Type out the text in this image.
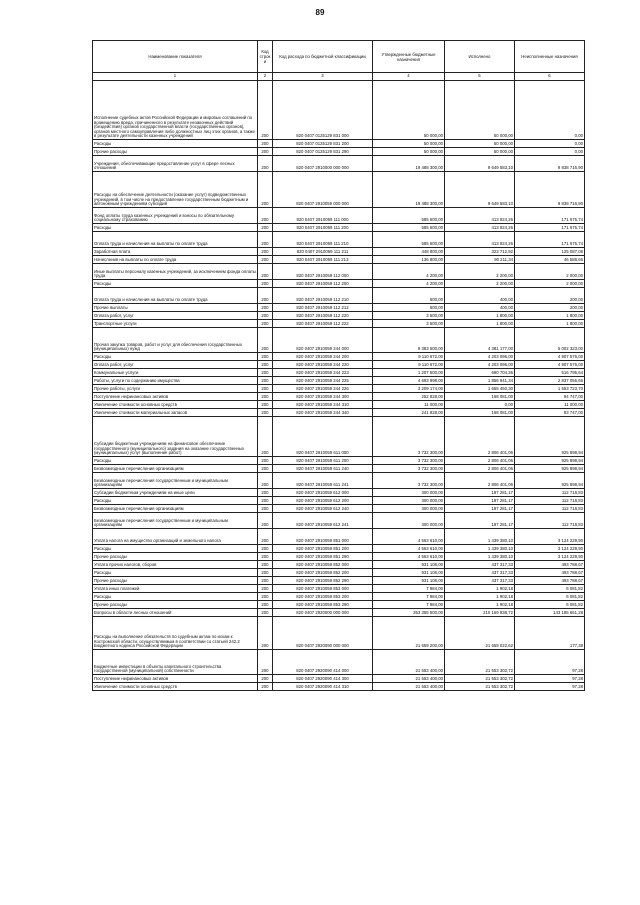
89
Наименование показателя	Код строк и	Код расхода по бюджетной классификации	Утвержденные бюджетные назначения	Исполнено	Неисполненные назначения
1	2	3	4	5	6
Исполнение судебных актов Российской Федерации и мировых соглашений по возмещению вреда, причиненного в результате незаконных действий (бездействия) органов государственной власти (государственных органов), органов местного самоуправления либо должностных лиц этих органов, а также в результате деятельности казенных учреждений	200	820 0407 0125129 831 000	50 000,00	50 000,00	0,00
Расходы	200	820 0407 0125129 831 200	50 000,00	50 000,00	0,00
Прочие расходы	200	820 0407 0125129 831 290	50 000,00	50 000,00	0,00
Учреждения, обеспечивающие предоставление услуг в сфере лесных отношений	200	820 0407 2910000 000 000	19 488 300,00	9 649 583,10	9 838 716,90
Расходы на обеспечение деятельности (оказание услуг) подведомственных учреждений, в том числе на предоставление государственным бюджетным и автономным учреждениям субсидий	200	820 0407 2910059 000 000	19 488 300,00	9 649 583,10	9 838 716,90
Фонд оплаты труда казенных учреждений и взносы по обязательному социальному страхованию	200	820 0407 2910059 111 000	585 600,00	413 924,26	171 675,74
Расходы	200	820 0407 2910059 111 200	585 600,00	413 924,26	171 675,74
Оплата труда и начисления на выплаты по оплате труда	200	820 0407 2910059 111 210	585 600,00	413 924,26	171 675,74
Заработная плата	200	820 0407 2910059 111 211	448 800,00	323 712,92	125 087,08
Начисления на выплаты по оплате труда	200	820 0407 2910059 111 213	136 800,00	90 211,34	46 588,66
Иные выплаты персоналу казенных учреждений, за исключением фонда оплаты труда	200	820 0407 2910059 112 000	4 200,00	2 200,00	2 000,00
Расходы	200	820 0407 2910059 112 200	4 200,00	2 200,00	2 000,00
Оплата труда и начисления на выплаты по оплате труда	200	820 0407 2910059 112 210	600,00	400,00	200,00
Прочие выплаты	200	820 0407 2910059 112 212	600,00	400,00	200,00
Оплата работ, услуг	200	820 0407 2910059 112 220	3 600,00	1 800,00	1 800,00
Транспортные услуги	200	820 0407 2910059 112 222	3 600,00	1 800,00	1 800,00
Прочая закупка товаров, работ и услуг для обеспечения государственных (муниципальных) нужд	200	820 0407 2910059 244 000	9 383 500,00	4 381 177,00	5 002 323,00
Расходы	200	820 0407 2910059 244 200	9 110 672,00	4 203 096,00	4 907 576,00
Оплата работ, услуг	200	820 0407 2910059 244 220	9 110 672,00	4 203 096,00	4 907 576,00
Коммунальные услуги	200	820 0407 2910059 244 223	1 207 500,00	690 704,36	516 795,64
Работы, услуги по содержанию имущества	200	820 0407 2910059 244 225	4 693 998,00	1 856 941,34	2 837 056,66
Прочие работы, услуги	200	820 0407 2910059 244 226	3 209 174,00	1 655 450,30	1 553 723,70
Поступление нефинансовых активов	200	820 0407 2910059 244 300	252 828,00	158 081,00	94 747,00
Увеличение стоимости основных средств	200	820 0407 2910059 244 310	11 000,00	0,00	11 000,00
Увеличение стоимости материальных запасов	200	820 0407 2910059 244 340	241 828,00	158 081,00	83 747,00
Субсидии бюджетным учреждениям на финансовое обеспечение государственного (муниципального) задания на оказание государственных (муниципальных) услуг (выполнение работ)	200	820 0407 2910059 611 000	3 732 300,00	2 806 401,06	925 898,94
Расходы	200	820 0407 2910059 611 200	3 732 300,00	2 806 401,06	925 898,94
Безвозмездные перечисления организациям	200	820 0407 2910059 611 240	3 732 300,00	2 806 401,06	925 898,94
Безвозмездные перечисления государственным и муниципальным организациям	200	820 0407 2910059 611 241	3 732 300,00	2 806 401,06	925 898,94
Субсидии бюджетным учреждениям на иные цели	200	820 0407 2910059 612 000	300 000,00	187 281,17	112 718,83
Расходы	200	820 0407 2910059 612 200	300 000,00	187 281,17	112 718,83
Безвозмездные перечисления организациям	200	820 0407 2910059 612 240	300 000,00	187 281,17	112 718,83
Безвозмездные перечисления государственным и муниципальным организациям	200	820 0407 2910059 612 241	300 000,00	187 281,17	112 718,83
Уплата налога на имущество организаций и земельного налога	200	820 0407 2910059 851 000	4 563 610,00	1 439 380,10	3 124 229,90
Расходы	200	820 0407 2910059 851 200	4 563 610,00	1 439 380,10	3 124 229,90
Прочие расходы	200	820 0407 2910059 851 290	4 563 610,00	1 439 380,10	3 124 229,90
Уплата прочих налогов, сборов	200	820 0407 2910059 852 000	931 106,00	437 317,33	493 788,67
Расходы	200	820 0407 2910059 852 200	931 106,00	437 317,33	493 788,67
Прочие расходы	200	820 0407 2910059 852 290	931 106,00	437 317,33	493 788,67
Уплата иных платежей	200	820 0407 2910059 853 000	7 984,00	1 902,18	6 081,82
Расходы	200	820 0407 2910059 853 200	7 984,00	1 902,18	6 081,82
Прочие расходы	200	820 0407 2910059 853 290	7 984,00	1 902,18	6 081,82
Вопросы в области лесных отношений	200	820 0407 2920000 000 000	353 355 500,00	210 169 838,72	143 185 661,28
Расходы на выполнение обязательств по судебным актам по искам к Костромской области, осуществляемым в соответствии со статьей 242.2 Бюджетного кодекса Российской Федерации	200	820 0407 2920090 000 000	21 659 200,00	21 659 022,62	177,38
Бюджетные инвестиции в объекты капитального строительства государственной (муниципальной) собственности	200	820 0407 2920090 414 000	21 553 400,00	21 553 302,72	97,28
Поступление нефинансовых активов	200	820 0407 2920090 414 300	21 553 400,00	21 553 302,72	97,28
Увеличение стоимости основных средств	200	820 0407 2920090 414 310	21 553 400,00	21 553 302,72	97,28
